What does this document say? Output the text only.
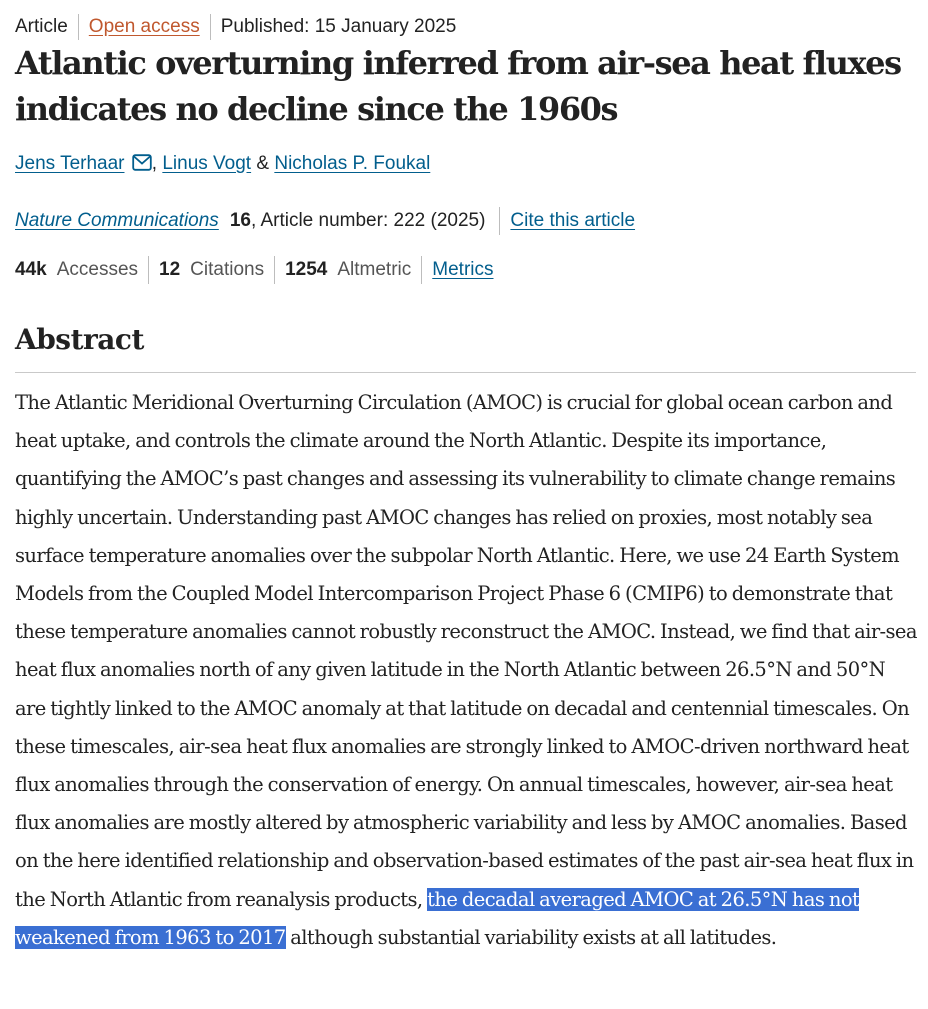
Article Open access Published: 15 January 2025
Atlantic overturning inferred from air-sea heat fluxes indicates no decline since the 1960s
Jens Terhaar , Linus Vogt & Nicholas P. Foukal
Nature Communications 16 , Article number: 222 (2025) Cite this article
44k Accesses 12 Citations 1254 Altmetric Metrics
Abstract

The Atlantic Meridional Overturning Circulation (AMOC) is crucial for global ocean carbon and heat uptake, and controls the climate around the North Atlantic. Despite its importance, quantifying the AMOC’s past changes and assessing its vulnerability to climate change remains highly uncertain. Understanding past AMOC changes has relied on proxies, most notably sea surface temperature anomalies over the subpolar North Atlantic. Here, we use 24 Earth System Models from the Coupled Model Intercomparison Project Phase 6 (CMIP6) to demonstrate that these temperature anomalies cannot robustly reconstruct the AMOC. Instead, we find that air-sea heat flux anomalies north of any given latitude in the North Atlantic between 26.5°N and 50°N are tightly linked to the AMOC anomaly at that latitude on decadal and centennial timescales. On these timescales, air-sea heat flux anomalies are strongly linked to AMOC-driven northward heat flux anomalies through the conservation of energy. On annual timescales, however, air-sea heat flux anomalies are mostly altered by atmospheric variability and less by AMOC anomalies. Based on the here identified relationship and observation-based estimates of the past air-sea heat flux in the North Atlantic from reanalysis products, the decadal averaged AMOC at 26.5°N has not weakened from 1963 to 2017 although substantial variability exists at all latitudes.
